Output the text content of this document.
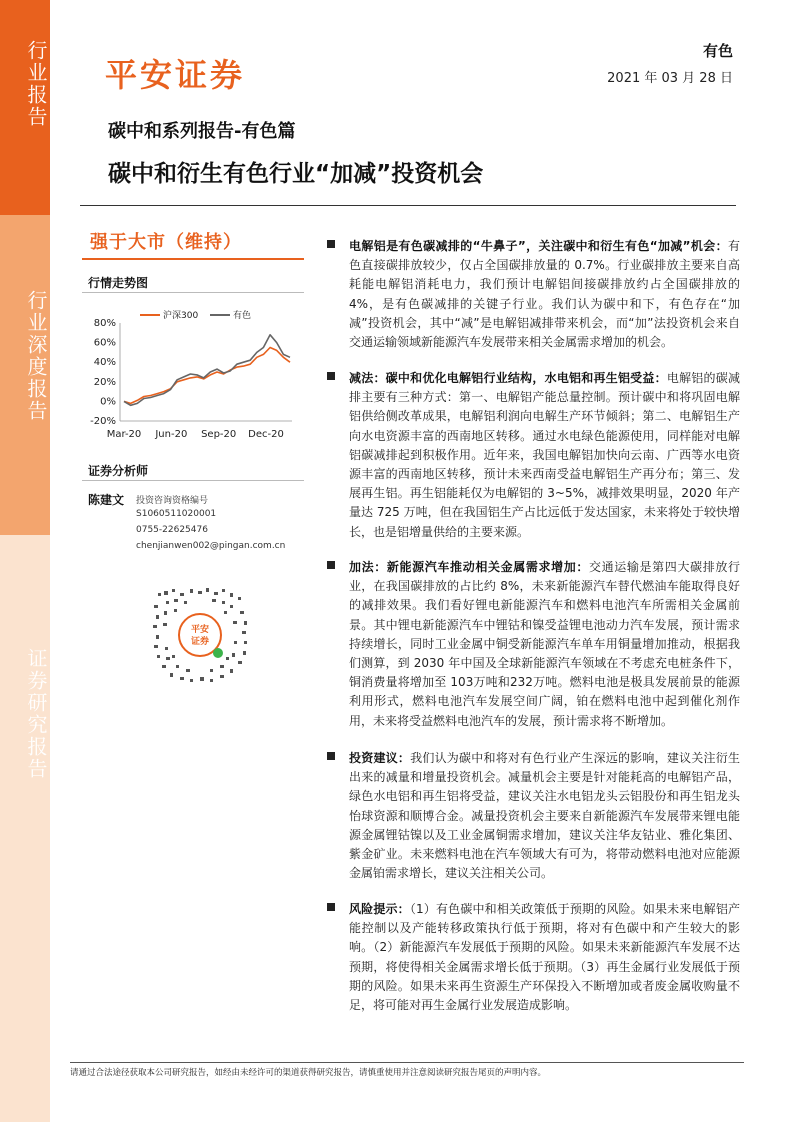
行业报告
行业深度报告
证券研究报告
平安证券
有色
2021 年 03 月 28 日
碳中和系列报告-有色篇
碳中和衍生有色行业“加减”投资机会
强于大市（维持）
行情走势图
80%
60%
40%
20%
0%
-20%
Mar-20 Jun-20 Sep-20 Dec-20
沪深300	有色
证券分析师
陈建文 投资咨询资格编号
S1060511020001
0755-22625476
chenjianwen002@pingan.com.cn
平安
证券
电解铝是有色碳减排的“牛鼻子”，关注碳中和衍生有色“加减”机会：有色直接碳排放较少，仅占全国碳排放量的 0.7%。行业碳排放主要来自高耗能电解铝消耗电力，我们预计电解铝间接碳排放约占全国碳排放的 4%，是有色碳减排的关键子行业。我们认为碳中和下，有色存在“加减”投资机会，其中“减”是电解铝减排带来机会，而“加”法投资机会来自交通运输领域新能源汽车发展带来相关金属需求增加的机会。
减法：碳中和优化电解铝行业结构，水电铝和再生铝受益：电解铝的碳减排主要有三种方式：第一、电解铝产能总量控制。预计碳中和将巩固电解铝供给侧改革成果，电解铝利润向电解生产环节倾斜；第二、电解铝生产向水电资源丰富的西南地区转移。通过水电绿色能源使用，同样能对电解铝碳减排起到积极作用。近年来，我国电解铝加快向云南、广西等水电资源丰富的西南地区转移，预计未来西南受益电解铝生产再分布；第三、发展再生铝。再生铝能耗仅为电解铝的 3~5%，减排效果明显，2020 年产量达 725 万吨，但在我国铝生产占比远低于发达国家，未来将处于较快增长，也是铝增量供给的主要来源。
加法：新能源汽车推动相关金属需求增加：交通运输是第四大碳排放行业，在我国碳排放的占比约 8%，未来新能源汽车替代燃油车能取得良好的减排效果。我们看好锂电新能源汽车和燃料电池汽车所需相关金属前景。其中锂电新能源汽车中锂钴和镍受益锂电池动力汽车发展，预计需求持续增长，同时工业金属中铜受新能源汽车单车用铜量增加推动，根据我们测算，到 2030 年中国及全球新能源汽车领域在不考虑充电桩条件下，铜消费量将增加至 103万吨和232万吨。燃料电池是极具发展前景的能源利用形式，燃料电池汽车发展空间广阔，铂在燃料电池中起到催化剂作用，未来将受益燃料电池汽车的发展，预计需求将不断增加。
投资建议：我们认为碳中和将对有色行业产生深远的影响，建议关注衍生出来的减量和增量投资机会。减量机会主要是针对能耗高的电解铝产品，绿色水电铝和再生铝将受益，建议关注水电铝龙头云铝股份和再生铝龙头怡球资源和顺博合金。减量投资机会主要来自新能源汽车发展带来锂电能源金属锂钴镍以及工业金属铜需求增加，建议关注华友钴业、雅化集团、紫金矿业。未来燃料电池在汽车领域大有可为，将带动燃料电池对应能源金属铂需求增长，建议关注相关公司。
风险提示：（1）有色碳中和相关政策低于预期的风险。如果未来电解铝产能控制以及产能转移政策执行低于预期，将对有色碳中和产生较大的影响。（2）新能源汽车发展低于预期的风险。如果未来新能源汽车发展不达预期，将使得相关金属需求增长低于预期。（3）再生金属行业发展低于预期的风险。如果未来再生资源生产环保投入不断增加或者废金属收购量不足，将可能对再生金属行业发展造成影响。
请通过合法途径获取本公司研究报告，如经由未经许可的渠道获得研究报告，请慎重使用并注意阅读研究报告尾页的声明内容。
